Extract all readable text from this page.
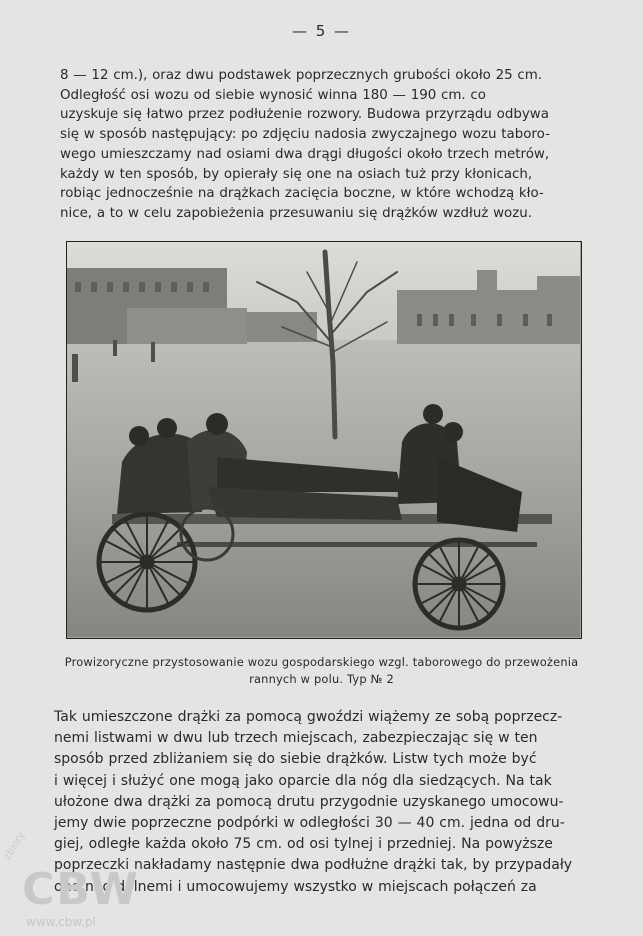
— 5 —
8 — 12 cm.), oraz dwu podstawek poprzecznych grubości około 25 cm.
Odległość osi wozu od siebie wynosić winna 180 — 190 cm. co
uzyskuje się łatwo przez podłużenie rozwory. Budowa przyrządu odbywa
się w sposób następujący: po zdjęciu nadosia zwyczajnego wozu taboro-
wego umieszczamy nad osiami dwa drągi długości około trzech metrów,
każdy w ten sposób, by opierały się one na osiach tuż przy kłonicach,
robiąc jednocześnie na drążkach zacięcia boczne, w które wchodzą kło-
nice, a to w celu zapobieżenia przesuwaniu się drążków wzdłuż wozu.
Prowizoryczne przystosowanie wozu gospodarskiego wzgl. taborowego do przewożenia
rannych w polu. Typ № 2
Tak umieszczone drążki za pomocą gwoździ wiążemy ze sobą poprzecz-
nemi listwami w dwu lub trzech miejscach, zabezpieczając się w ten
sposób przed zbliżaniem się do siebie drążków. Listw tych może być
i więcej i służyć one mogą jako oparcie dla nóg dla siedzących. Na tak
ułożone dwa drążki za pomocą drutu przygodnie uzyskanego umocowu-
jemy dwie poprzeczne podpórki w odległości 30 — 40 cm. jedna od dru-
giej, odległe każda około 75 cm. od osi tylnej i przedniej. Na powyższe
poprzeczki nakładamy następnie dwa podłużne drążki tak, by przypadały
one nad dolnemi i umocowujemy wszystko w miejscach połączeń za
zbiory
CBW
www.cbw.pl
